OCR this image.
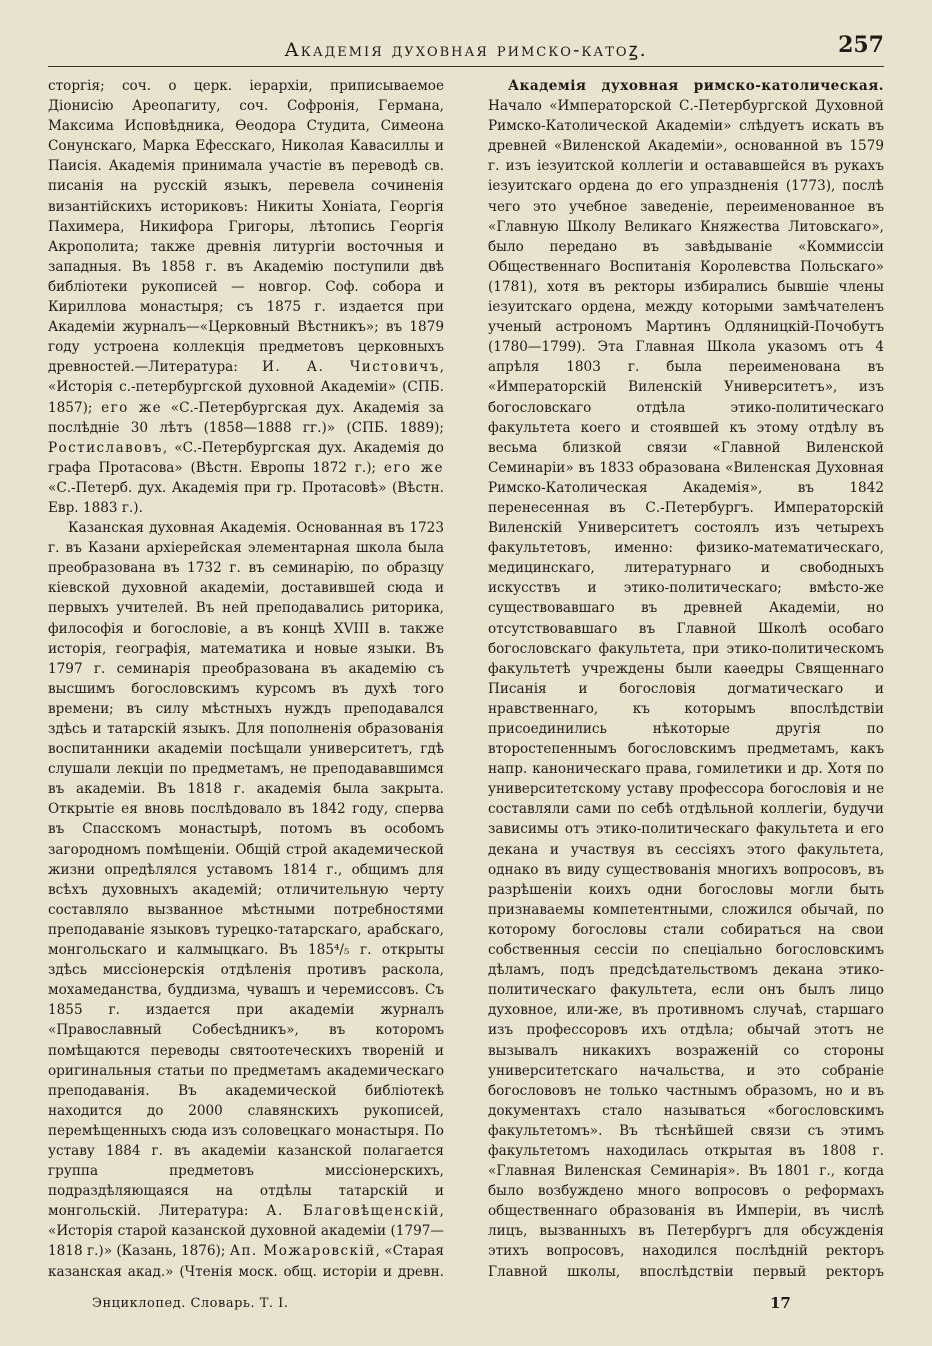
Академія духовная римско-катоꙁ.	257

сторгія; соч. о церк. іерархіи, приписываемое Діонисію Ареопагиту, соч. Софронія, Германа, Максима Исповѣдника, Ѳеодора Студита, Симеона Сонунскаго, Марка Ефесскаго, Николая Кавасиллы и Паисія. Академія принимала участіе въ переводѣ св. писанія на русскій языкъ, перевела сочиненія византійскихъ историковъ: Никиты Хоніата, Георгія Пахимера, Никифора Григоры, лѣтопись Георгія Акрополита; также древнія литургіи восточныя и западныя. Въ 1858 г. въ Академію поступили двѣ библіотеки рукописей — новгор. Соф. собора и Кириллова монастыря; съ 1875 г. издается при Академіи журналъ—«Церковный Вѣстникъ»; въ 1879 году устроена коллекція предметовъ церковныхъ древностей.—Литература: И. А. Чистовичъ, «Исторія с.-петербургской духовной Академіи» (СПБ. 1857); его же «С.-Петербургская дух. Академія за послѣдніе 30 лѣтъ (1858—1888 гг.)» (СПБ. 1889); Ростиславовъ, «С.-Петербургская дух. Академія до графа Протасова» (Вѣстн. Европы 1872 г.); его же «С.-Петерб. дух. Академія при гр. Протасовѣ» (Вѣстн. Евр. 1883 г.).

Казанская духовная Академія. Основанная въ 1723 г. въ Казани архіерейская элементарная школа была преобразована въ 1732 г. въ семинарію, по образцу кіевской духовной академіи, доставившей сюда и первыхъ учителей. Въ ней преподавались риторика, философія и богословіе, а въ концѣ XVIII в. также исторія, географія, математика и новые языки. Въ 1797 г. семинарія преобразована въ академію съ высшимъ богословскимъ курсомъ въ духѣ того времени; въ силу мѣстныхъ нуждъ преподавался здѣсь и татарскій языкъ. Для пополненія образованія воспитанники академіи посѣщали университетъ, гдѣ слушали лекціи по предметамъ, не преподававшимся въ академіи. Въ 1818 г. академія была закрыта. Открытіе ея вновь послѣдовало въ 1842 году, сперва въ Спасскомъ монастырѣ, потомъ въ особомъ загородномъ помѣщеніи. Общій строй академической жизни опредѣлялся уставомъ 1814 г., общимъ для всѣхъ духовныхъ академій; отличительную черту составляло вызванное мѣстными потребностями преподаваніе языковъ турецко-татарскаго, арабскаго, монгольскаго и калмыцкаго. Въ 185⁴/₅ г. открыты здѣсь миссіонерскія отдѣленія противъ раскола, мохамеданства, буддизма, чувашъ и черемиссовъ. Съ 1855 г. издается при академіи журналъ «Православный Собесѣдникъ», въ которомъ помѣщаются переводы святоотеческихъ твореній и оригинальныя статьи по предметамъ академическаго преподаванія. Въ академической библіотекѣ находится до 2000 славянскихъ рукописей, перемѣщенныхъ сюда изъ соловецкаго монастыря. По уставу 1884 г. въ академіи казанской полагается группа предметовъ миссіонерскихъ, подраздѣляющаяся на отдѣлы татарскій и монгольскій. Литература: А. Благовѣщенскій, «Исторія старой казанской духовной академіи (1797—1818 г.)» (Казань, 1876); Ап. Можаровскій, «Старая казанская акад.» (Чтенія моск. общ. исторіи и древн.

Академія духовная римско-католическая. Начало «Императорской С.-Петербургской Духовной Римско-Католической Академіи» слѣдуетъ искать въ древней «Виленской Академіи», основанной въ 1579 г. изъ іезуитской коллегіи и остававшейся въ рукахъ іезуитскаго ордена до его упраздненія (1773), послѣ чего это учебное заведеніе, переименованное въ «Главную Школу Великаго Княжества Литовскаго», было передано въ завѣдываніе «Коммиссіи Общественнаго Воспитанія Королевства Польскаго» (1781), хотя въ ректоры избирались бывшіе члены іезуитскаго ордена, между которыми замѣчателенъ ученый астрономъ Мартинъ Одляницкій-Почобутъ (1780—1799). Эта Главная Школа указомъ отъ 4 апрѣля 1803 г. была переименована въ «Императорскій Виленскій Университетъ», изъ богословскаго отдѣла этико-политическаго факультета коего и стоявшей къ этому отдѣлу въ весьма близкой связи «Главной Виленской Семинаріи» въ 1833 образована «Виленская Духовная Римско-Католическая Академія», въ 1842 перенесенная въ С.-Петербургъ. Императорскій Виленскій Университетъ состоялъ изъ четырехъ факультетовъ, именно: физико-математическаго, медицинскаго, литературнаго и свободныхъ искусствъ и этико-политическаго; вмѣсто-же существовавшаго въ древней Академіи, но отсутствовавшаго въ Главной Школѣ особаго богословскаго факультета, при этико-политическомъ факультетѣ учреждены были каѳедры Священнаго Писанія и богословія догматическаго и нравственнаго, къ которымъ впослѣдствіи присоединились нѣкоторые другія по второстепеннымъ богословскимъ предметамъ, какъ напр. каноническаго права, гомилетики и др. Хотя по университетскому уставу профессора богословія и не составляли сами по себѣ отдѣльной коллегіи, будучи зависимы отъ этико-политическаго факультета и его декана и участвуя въ сессіяхъ этого факультета, однако въ виду существованія многихъ вопросовъ, въ разрѣшеніи коихъ одни богословы могли быть признаваемы компетентными, сложился обычай, по которому богословы стали собираться на свои собственныя сессіи по спеціально богословскимъ дѣламъ, подъ предсѣдательствомъ декана этико-политическаго факультета, если онъ былъ лицо духовное, или-же, въ противномъ случаѣ, старшаго изъ профессоровъ ихъ отдѣла; обычай этотъ не вызывалъ никакихъ возраженій со стороны университетскаго начальства, и это собраніе богослововъ не только частнымъ образомъ, но и въ документахъ стало называться «богословскимъ факультетомъ». Въ тѣснѣйшей связи съ этимъ факультетомъ находилась открытая въ 1808 г. «Главная Виленская Семинарія». Въ 1801 г., когда было возбуждено много вопросовъ о реформахъ общественнаго образованія въ Имперіи, въ числѣ лицъ, вызванныхъ въ Петербургъ для обсужденія этихъ вопросовъ, находился послѣдній ректоръ Главной школы, впослѣдствіи первый ректоръ

Энциклопед. Словарь. Т. I.	17
